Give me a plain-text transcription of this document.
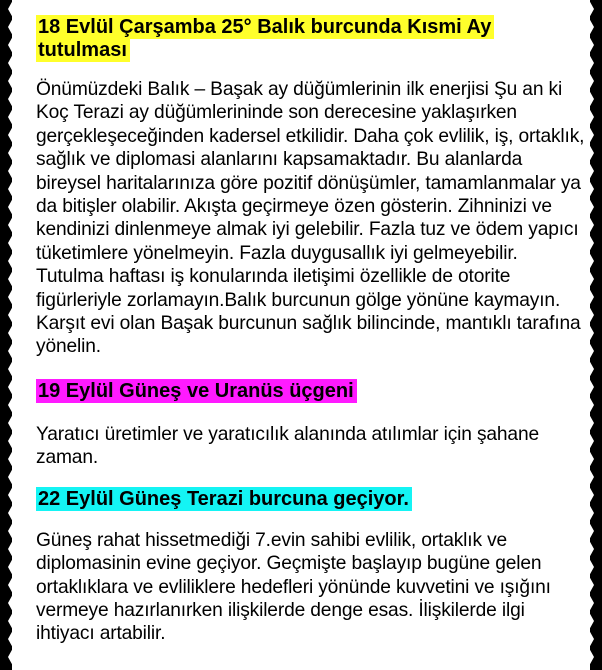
18 Evlül Çarşamba 25° Balık burcunda Kısmi Ay tutulması

Önümüzdeki Balık – Başak ay düğümlerinin ilk enerjisi Şu an ki Koç Terazi ay düğümlerininde son derecesine yaklaşırken gerçekleşeceğinden kadersel etkilidir. Daha çok evlilik, iş, ortaklık, sağlık ve diplomasi alanlarını kapsamaktadır. Bu alanlarda bireysel haritalarınıza göre pozitif dönüşümler, tamamlanmalar ya da bitişler olabilir. Akışta geçirmeye özen gösterin. Zihninizi ve kendinizi dinlenmeye almak iyi gelebilir. Fazla tuz ve ödem yapıcı tüketimlere yönelmeyin. Fazla duygusallık iyi gelmeyebilir. Tutulma haftası iş konularında iletişimi özellikle de otorite figürleriyle zorlamayın.Balık burcunun gölge yönüne kaymayın. Karşıt evi olan Başak burcunun sağlık bilincinde, mantıklı tarafına yönelin.

19 Eylül Güneş ve Uranüs üçgeni

Yaratıcı üretimler ve yaratıcılık alanında atılımlar için şahane zaman.

22 Eylül Güneş Terazi burcuna geçiyor.

Güneş rahat hissetmediği 7.evin sahibi evlilik, ortaklık ve diplomasinin evine geçiyor. Geçmişte başlayıp bugüne gelen ortaklıklara ve evliliklere hedefleri yönünde kuvvetini ve ışığını vermeye hazırlanırken ilişkilerde denge esas. İlişkilerde ilgi ihtiyacı artabilir.
